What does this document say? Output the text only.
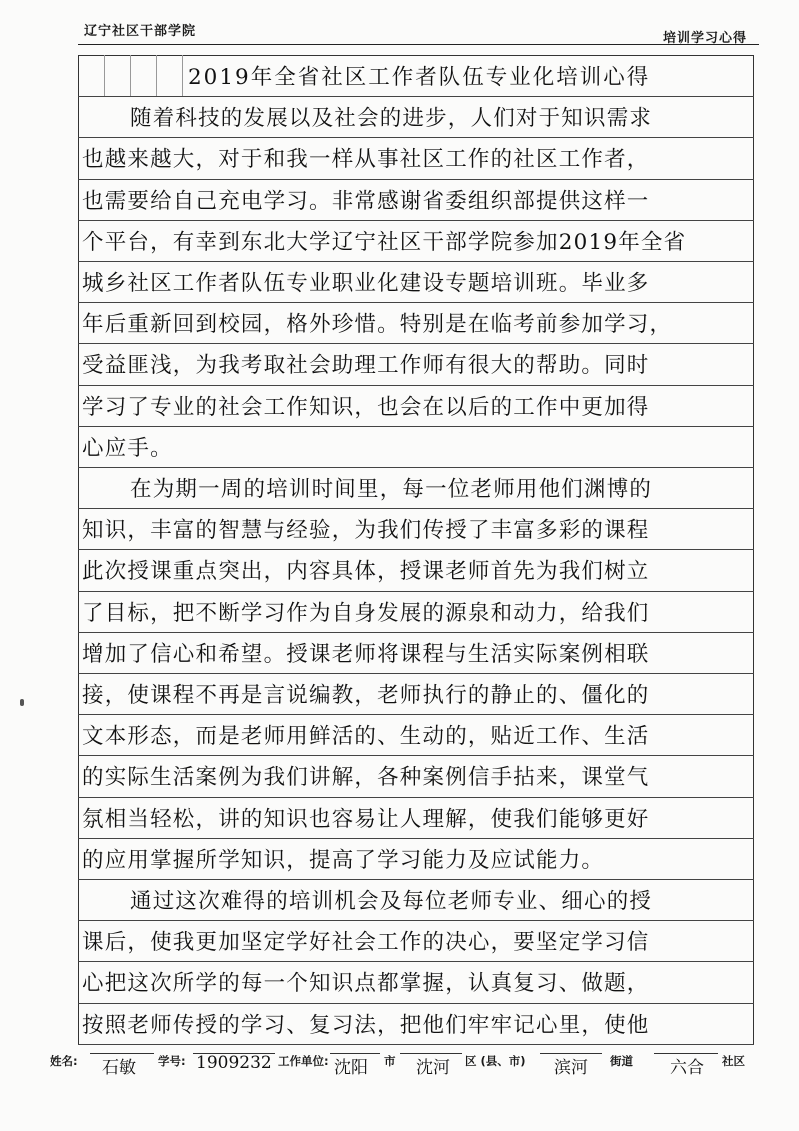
辽宁社区干部学院	培训学习心得
2019年全省社区工作者队伍专业化培训心得
随着科技的发展以及社会的进步，人们对于知识需求
也越来越大，对于和我一样从事社区工作的社区工作者，
也需要给自己充电学习。非常感谢省委组织部提供这样一
个平台，有幸到东北大学辽宁社区干部学院参加2019年全省
城乡社区工作者队伍专业职业化建设专题培训班。毕业多
年后重新回到校园，格外珍惜。特别是在临考前参加学习，
受益匪浅，为我考取社会助理工作师有很大的帮助。同时
学习了专业的社会工作知识，也会在以后的工作中更加得
心应手。
在为期一周的培训时间里，每一位老师用他们渊博的
知识，丰富的智慧与经验，为我们传授了丰富多彩的课程
此次授课重点突出，内容具体，授课老师首先为我们树立
了目标，把不断学习作为自身发展的源泉和动力，给我们
增加了信心和希望。授课老师将课程与生活实际案例相联
接，使课程不再是言说编教，老师执行的静止的、僵化的
文本形态，而是老师用鲜活的、生动的，贴近工作、生活
的实际生活案例为我们讲解，各种案例信手拈来，课堂气
氛相当轻松，讲的知识也容易让人理解，使我们能够更好
的应用掌握所学知识，提高了学习能力及应试能力。
通过这次难得的培训机会及每位老师专业、细心的授
课后，使我更加坚定学好社会工作的决心，要坚定学习信
心把这次所学的每一个知识点都掌握，认真复习、做题，
按照老师传授的学习、复习法，把他们牢牢记心里，使他
姓名: 石敏 学号: 1909232 工作单位: 沈阳 市 沈河 区 (县、市) 滨河 街道 六合 社区
